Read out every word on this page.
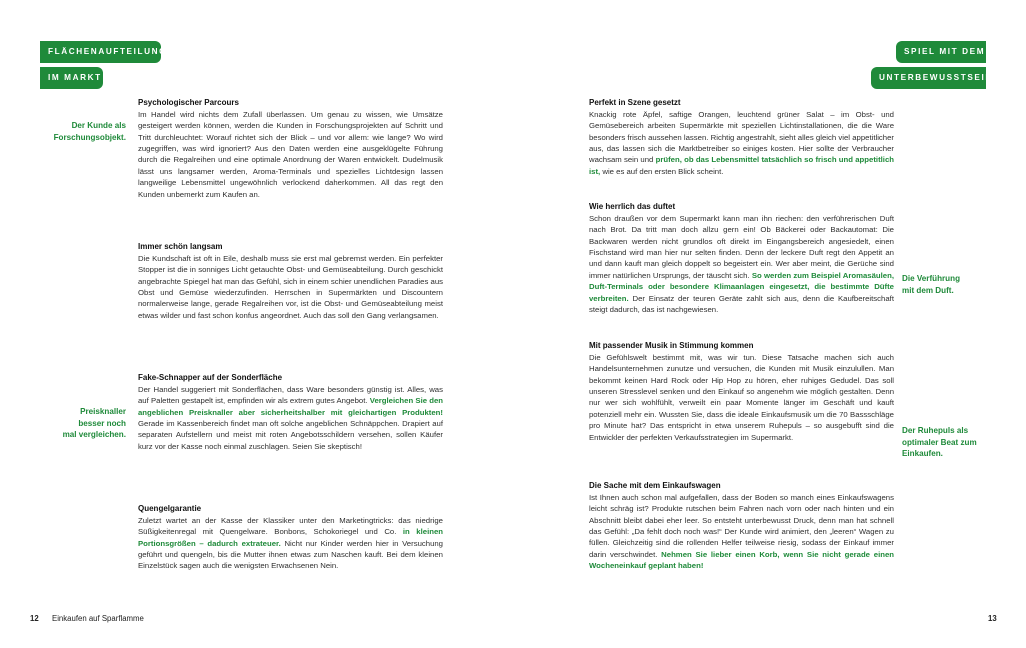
FLÄCHENAUFTEILUNG
IM MARKT
SPIEL MIT DEM
UNTERBEWUSSTSEIN
Der Kunde als
Forschungsobjekt.
Preisknaller
besser noch
mal vergleichen.
Die Verführung
mit dem Duft.
Der Ruhepuls als
optimaler Beat zum
Einkaufen.
Psychologischer Parcours

Im Handel wird nichts dem Zufall überlassen. Um genau zu wissen, wie Umsätze gesteigert werden können, werden die Kunden in Forschungsprojekten auf Schritt und Tritt durchleuchtet: Worauf richtet sich der Blick – und vor allem: wie lange? Wo wird zugegriffen, was wird ignoriert? Aus den Daten werden eine ausgeklügelte Führung durch die Regalreihen und eine optimale Anordnung der Waren entwickelt. Dudelmusik lässt uns langsamer werden, Aroma-Terminals und spezielles Lichtdesign lassen langweilige Lebensmittel ungewöhnlich verlockend daherkommen. All das regt den Kunden unbemerkt zum Kaufen an.

Immer schön langsam

Die Kundschaft ist oft in Eile, deshalb muss sie erst mal gebremst werden. Ein perfekter Stopper ist die in sonniges Licht getauchte Obst- und Gemüseabteilung. Durch geschickt angebrachte Spiegel hat man das Gefühl, sich in einem schier unendlichen Paradies aus Obst und Gemüse wiederzufinden. Herrschen in Supermärkten und Discountern normalerweise lange, gerade Regalreihen vor, ist die Obst- und Gemüseabteilung meist etwas wilder und fast schon konfus angeordnet. Auch das soll den Gang verlangsamen.

Fake-Schnapper auf der Sonderfläche

Der Handel suggeriert mit Sonderflächen, dass Ware besonders günstig ist. Alles, was auf Paletten gestapelt ist, empfinden wir als extrem gutes Angebot. Vergleichen Sie den angeblichen Preisknaller aber sicherheitshalber mit gleichartigen Produkten! Gerade im Kassenbereich findet man oft solche angeblichen Schnäppchen. Drapiert auf separaten Aufstellern und meist mit roten Angebotsschildern versehen, sollen Käufer kurz vor der Kasse noch einmal zuschlagen. Seien Sie skeptisch!

Quengelgarantie

Zuletzt wartet an der Kasse der Klassiker unter den Marketingtricks: das niedrige Süßigkeitenregal mit Quengelware. Bonbons, Schokoriegel und Co. in kleinen Portionsgrößen – dadurch extrateuer. Nicht nur Kinder werden hier in Versuchung geführt und quengeln, bis die Mutter ihnen etwas zum Naschen kauft. Bei dem kleinen Einzelstück sagen auch die wenigsten Erwachsenen Nein.

Perfekt in Szene gesetzt

Knackig rote Äpfel, saftige Orangen, leuchtend grüner Salat – im Obst- und Gemüsebereich arbeiten Supermärkte mit speziellen Lichtinstallationen, die die Ware besonders frisch aussehen lassen. Richtig angestrahlt, sieht alles gleich viel appetitlicher aus, das lassen sich die Marktbetreiber so einiges kosten. Hier sollte der Verbraucher wachsam sein und prüfen, ob das Lebensmittel tatsächlich so frisch und appetitlich ist, wie es auf den ersten Blick scheint.

Wie herrlich das duftet

Schon draußen vor dem Supermarkt kann man ihn riechen: den verführerischen Duft nach Brot. Da tritt man doch allzu gern ein! Ob Bäckerei oder Backautomat: Die Backwaren werden nicht grundlos oft direkt im Eingangsbereich angesiedelt, einen Fischstand wird man hier nur selten finden. Denn der leckere Duft regt den Appetit an und dann kauft man gleich doppelt so begeistert ein. Wer aber meint, die Gerüche sind immer natürlichen Ursprungs, der täuscht sich. So werden zum Beispiel Aromasäulen, Duft-Terminals oder besondere Klimaanlagen eingesetzt, die bestimmte Düfte verbreiten. Der Einsatz der teuren Geräte zahlt sich aus, denn die Kaufbereitschaft steigt dadurch, das ist nachgewiesen.

Mit passender Musik in Stimmung kommen

Die Gefühlswelt bestimmt mit, was wir tun. Diese Tatsache machen sich auch Handelsunternehmen zunutze und versuchen, die Kunden mit Musik einzulullen. Man bekommt keinen Hard Rock oder Hip Hop zu hören, eher ruhiges Gedudel. Das soll unseren Stresslevel senken und den Einkauf so angenehm wie möglich gestalten. Denn nur wer sich wohlfühlt, verweilt ein paar Momente länger im Geschäft und kauft potenziell mehr ein. Wussten Sie, dass die ideale Einkaufsmusik um die 70 Bassschläge pro Minute hat? Das entspricht in etwa unserem Ruhepuls – so ausgebufft sind die Entwickler der perfekten Verkaufsstrategien im Supermarkt.

Die Sache mit dem Einkaufswagen

Ist Ihnen auch schon mal aufgefallen, dass der Boden so manch eines Einkaufswagens leicht schräg ist? Produkte rutschen beim Fahren nach vorn oder nach hinten und ein Abschnitt bleibt dabei eher leer. So entsteht unterbewusst Druck, denn man hat schnell das Gefühl: „Da fehlt doch noch was!“ Der Kunde wird animiert, den „leeren“ Wagen zu füllen. Gleichzeitig sind die rollenden Helfer teilweise riesig, sodass der Einkauf immer darin verschwindet. Nehmen Sie lieber einen Korb, wenn Sie nicht gerade einen Wocheneinkauf geplant haben!

12 Einkaufen auf Sparflamme	13
